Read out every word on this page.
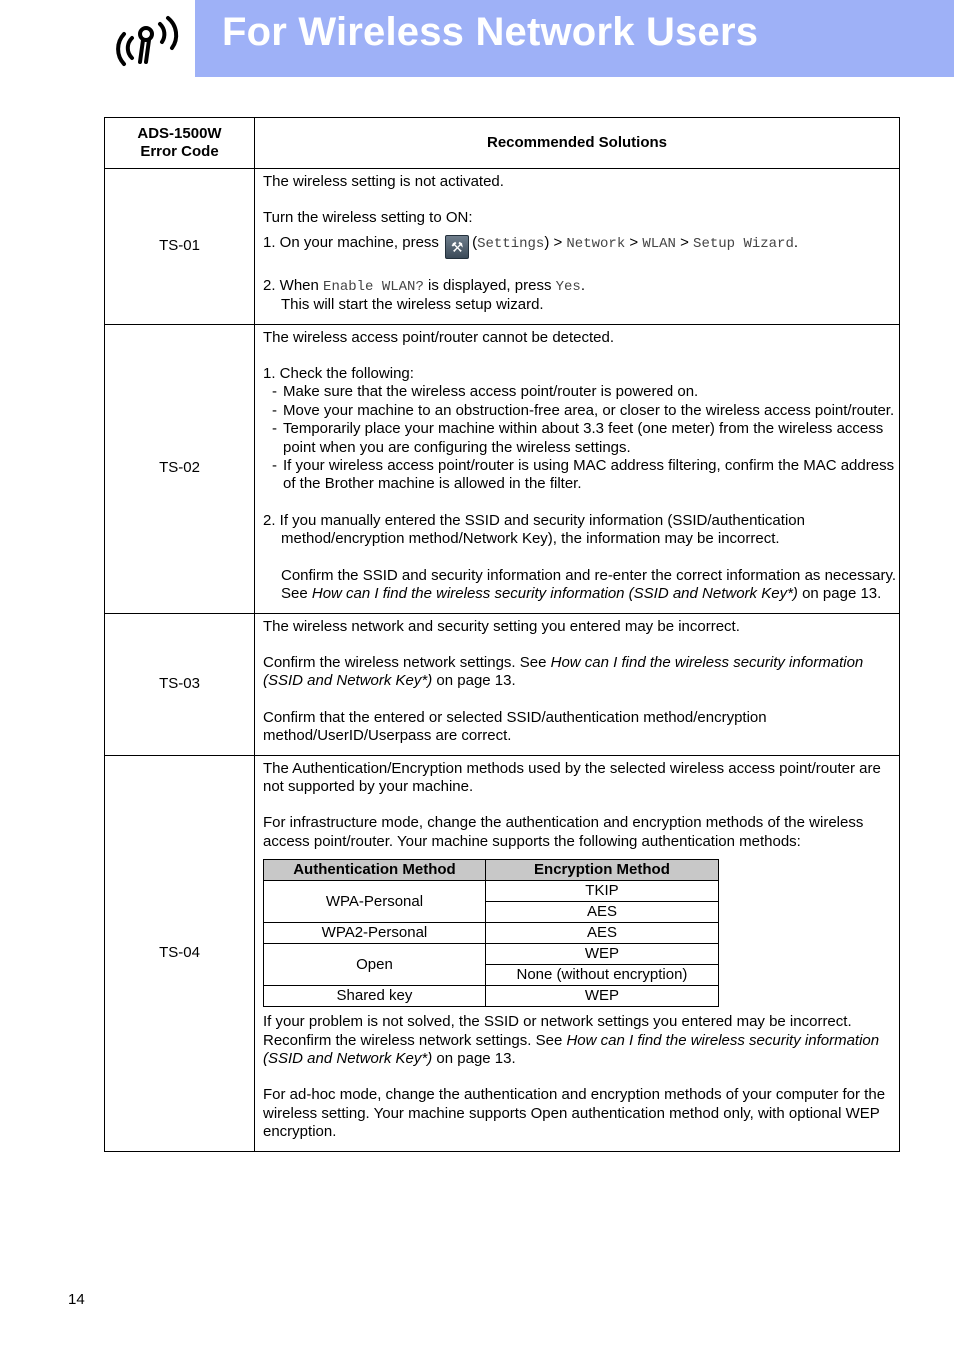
For Wireless Network Users
ADS-1500W
Error Code
	Recommended Solutions
TS-01	
The wireless setting is not activated.
Turn the wireless setting to ON:
1. On your machine, press ⚒ (Settings) > Network > WLAN > Setup Wizard.
2. When Enable WLAN? is displayed, press Yes.
This will start the wireless setup wizard.

TS-02	
The wireless access point/router cannot be detected.
1. Check the following:
- Make sure that the wireless access point/router is powered on.
- Move your machine to an obstruction-free area, or closer to the wireless access point/router.
- Temporarily place your machine within about 3.3 feet (one meter) from the wireless access point when you are configuring the wireless settings.
- If your wireless access point/router is using MAC address filtering, confirm the MAC address of the Brother machine is allowed in the filter.
2. If you manually entered the SSID and security information (SSID/authentication method/encryption method/Network Key), the information may be incorrect.
Confirm the SSID and security information and re-enter the correct information as necessary. See How can I find the wireless security information (SSID and Network Key*) on page 13.

TS-03	
The wireless network and security setting you entered may be incorrect.
Confirm the wireless network settings. See How can I find the wireless security information (SSID and Network Key*) on page 13.
Confirm that the entered or selected SSID/authentication method/encryption method/UserID/Userpass are correct.

TS-04	
The Authentication/Encryption methods used by the selected wireless access point/router are not supported by your machine.
For infrastructure mode, change the authentication and encryption methods of the wireless access point/router. Your machine supports the following authentication methods:
Authentication Method	Encryption Method
WPA-Personal	TKIP
AES
WPA2-Personal	AES
Open	WEP
None (without encryption)
Shared key	WEP
If your problem is not solved, the SSID or network settings you entered may be incorrect. Reconfirm the wireless network settings. See How can I find the wireless security information (SSID and Network Key*) on page 13.
For ad-hoc mode, change the authentication and encryption methods of your computer for the wireless setting. Your machine supports Open authentication method only, with optional WEP encryption.
14
